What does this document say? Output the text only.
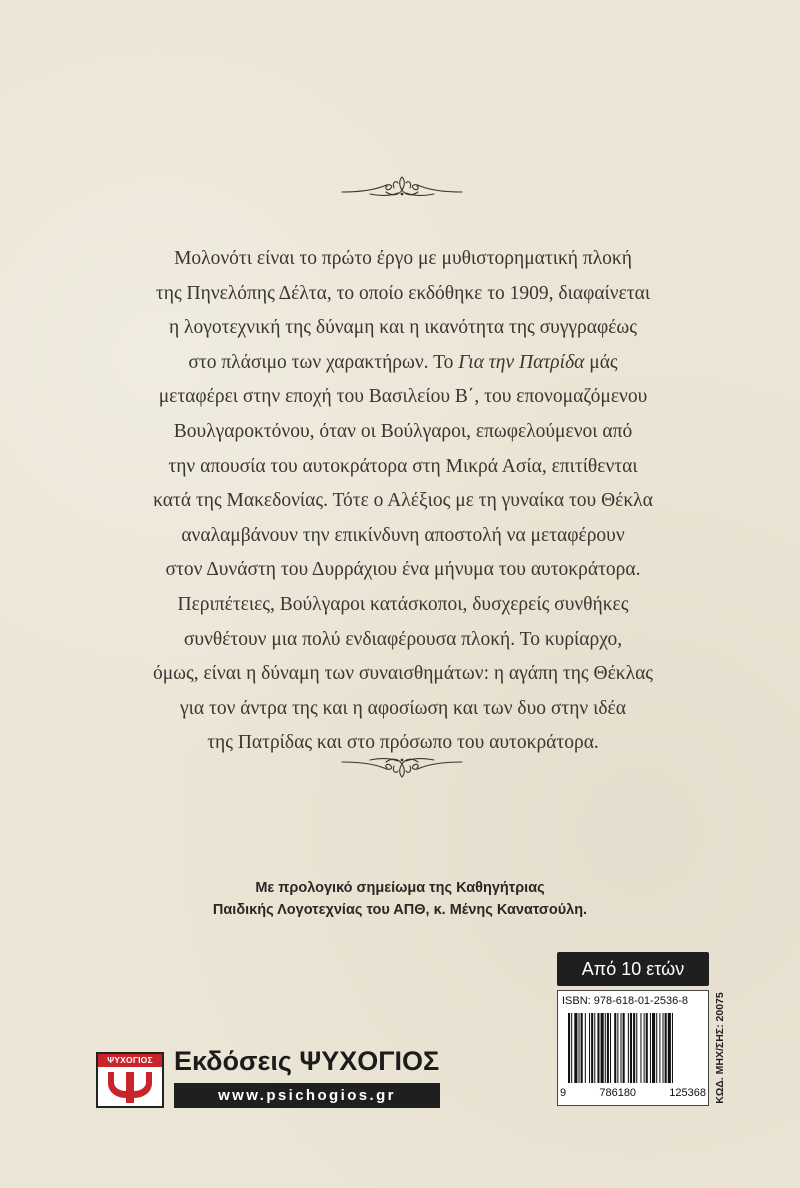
Μολονότι είναι το πρώτο έργο με μυθιστορηματική πλοκή
της Πηνελόπης Δέλτα, το οποίο εκδόθηκε το 1909, διαφαίνεται
η λογοτεχνική της δύναμη και η ικανότητα της συγγραφέως
στο πλάσιμο των χαρακτήρων. Το Για την Πατρίδα μάς
μεταφέρει στην εποχή του Βασιλείου Β΄, του επονομαζόμενου
Βουλγαροκτόνου, όταν οι Βούλγαροι, επωφελούμενοι από
την απουσία του αυτοκράτορα στη Μικρά Ασία, επιτίθενται
κατά της Μακεδονίας. Τότε ο Αλέξιος με τη γυναίκα του Θέκλα
αναλαμβάνουν την επικίνδυνη αποστολή να μεταφέρουν
στον Δυνάστη του Δυρράχιου ένα μήνυμα του αυτοκράτορα.
Περιπέτειες, Βούλγαροι κατάσκοποι, δυσχερείς συνθήκες
συνθέτουν μια πολύ ενδιαφέρουσα πλοκή. Το κυρίαρχο,
όμως, είναι η δύναμη των συναισθημάτων: η αγάπη της Θέκλας
για τον άντρα της και η αφοσίωση και των δυο στην ιδέα
της Πατρίδας και στο πρόσωπο του αυτοκράτορα.
Με προλογικό σημείωμα της Καθηγήτριας
Παιδικής Λογοτεχνίας του ΑΠΘ, κ. Μένης Κανατσούλη.
Από 10 ετών
ISBN: 978-618-01-2536-8
9	786180	125368 ΚΩΔ. ΜΗΧ/ΣΗΣ: 20075
ΨΥΧΟΓΙΟΣ Εκδόσεις ΨΥΧΟΓΙΟΣ
www.psichogios.gr
